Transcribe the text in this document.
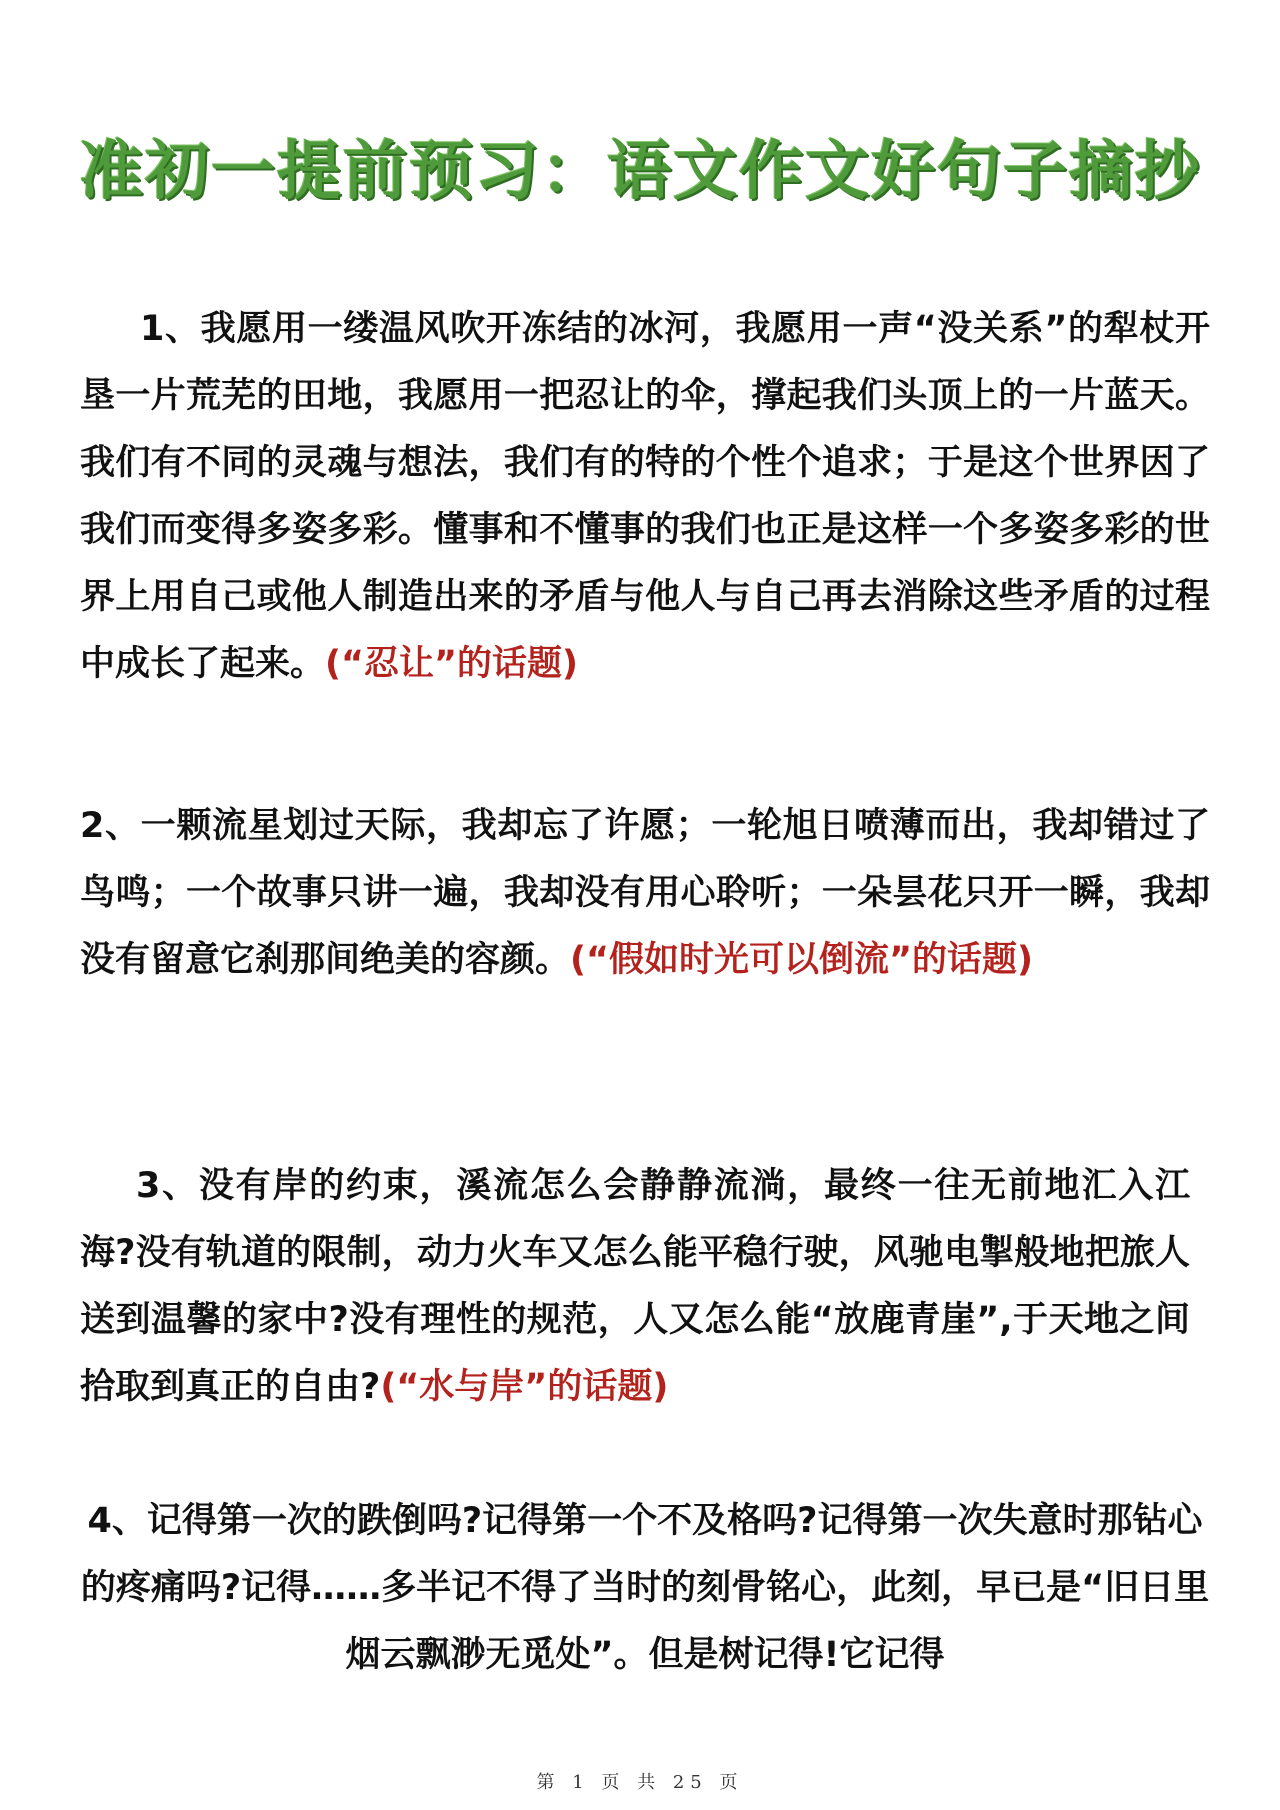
准初一提前预习：语文作文好句子摘抄
1、我愿用一缕温风吹开冻结的冰河，我愿用一声“没关系”的犁杖开垦一片荒芜的田地，我愿用一把忍让的伞，撑起我们头顶上的一片蓝天。我们有不同的灵魂与想法，我们有的特的个性个追求；于是这个世界因了我们而变得多姿多彩。懂事和不懂事的我们也正是这样一个多姿多彩的世界上用自己或他人制造出来的矛盾与他人与自己再去消除这些矛盾的过程中成长了起来。(“忍让”的话题)
2、一颗流星划过天际，我却忘了许愿；一轮旭日喷薄而出，我却错过了鸟鸣；一个故事只讲一遍，我却没有用心聆听；一朵昙花只开一瞬，我却没有留意它刹那间绝美的容颜。(“假如时光可以倒流”的话题)
3、没有岸的约束，溪流怎么会静静流淌，最终一往无前地汇入江海?没有轨道的限制，动力火车又怎么能平稳行驶，风驰电掣般地把旅人送到温馨的家中?没有理性的规范，人又怎么能“放鹿青崖”,于天地之间拾取到真正的自由?(“水与岸”的话题)
4、记得第一次的跌倒吗?记得第一个不及格吗?记得第一次失意时那钻心的疼痛吗?记得……多半记不得了当时的刻骨铭心，此刻，早已是“旧日里烟云飘渺无觅处”。但是树记得!它记得
第 1 页 共 25 页
